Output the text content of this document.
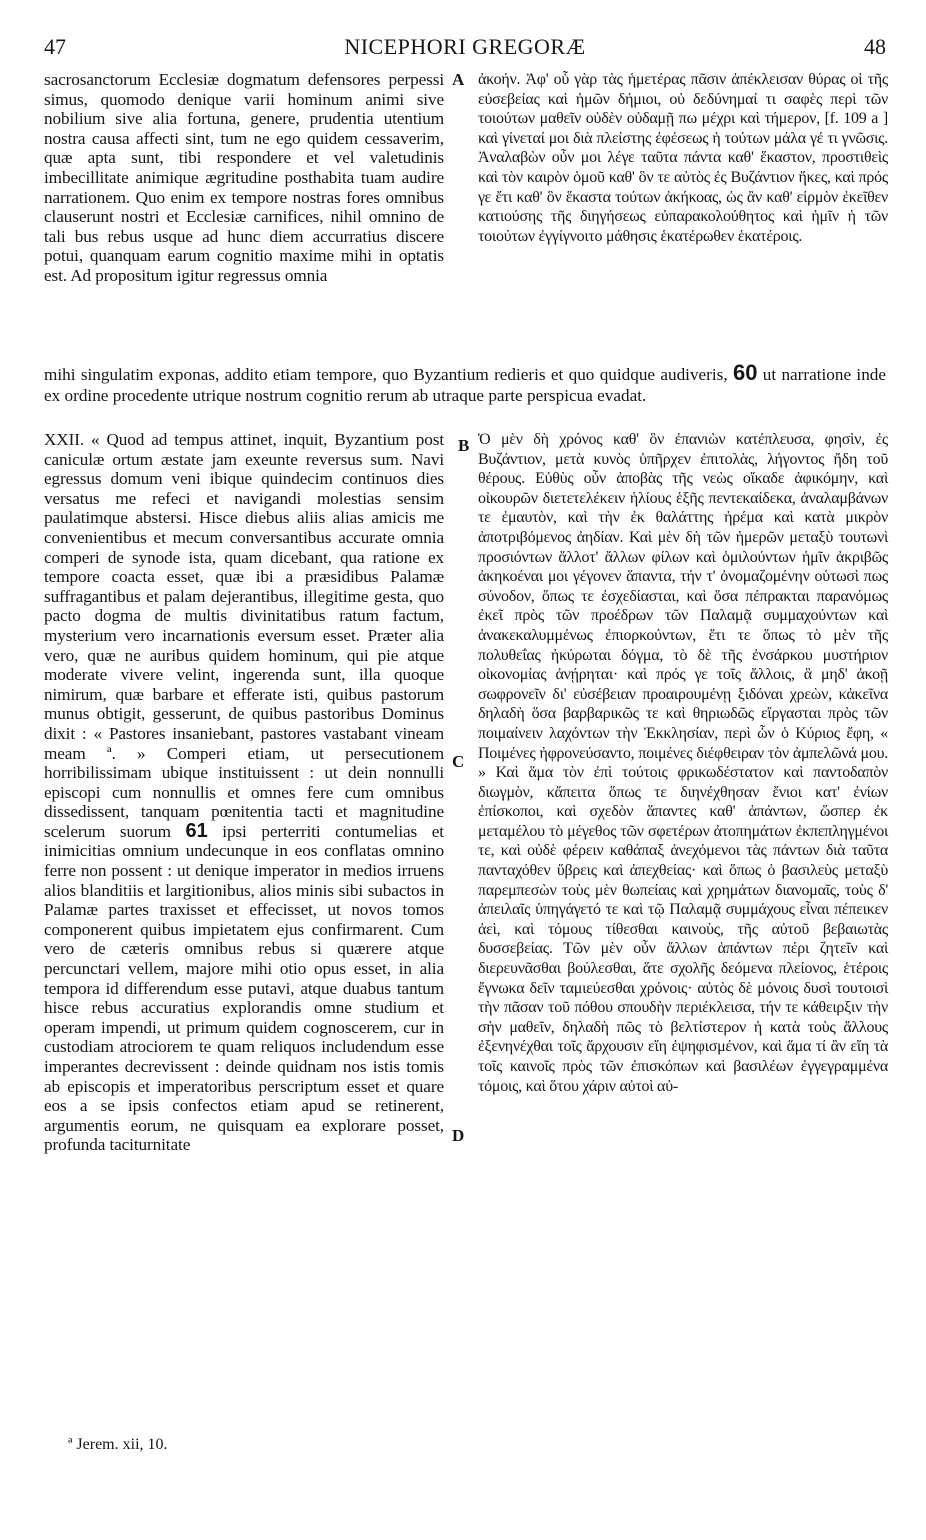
47	NICEPHORI GREGORÆ	48

sacrosanctorum Ecclesiæ dogmatum defensores perpessi simus, quomodo denique varii hominum animi sive nobilium sive alia fortuna, genere, prudentia utentium nostra causa affecti sint, tum ne ego quidem cessaverim, quæ apta sunt, tibi respondere et vel valetudinis imbecillitate animique ægritudine posthabita tuam audire narrationem. Quo enim ex tempore nostras fores omnibus clauserunt nostri et Ecclesiæ carnifices, nihil omnino de tali bus rebus usque ad hunc diem accurratius discere potui, quanquam earum cognitio maxime mihi in optatis est. Ad propositum igitur regressus omnia

A ἀκοήν. Ἀφ' οὗ γὰρ τὰς ἡμετέρας πᾶσιν ἀπέκλεισαν θύρας οἱ τῆς εὐσεβείας καὶ ἡμῶν δήμιοι, οὐ δεδύνημαί τι σαφὲς περὶ τῶν τοιούτων μαθεῖν οὐδὲν οὐδαμῇ πω μέχρι καὶ τήμερον, [f. 109 a ] καὶ γίνεταί μοι διὰ πλείστης ἐφέσεως ἡ τούτων μάλα γέ τι γνῶσις. Ἀναλαβὼν οὖν μοι λέγε ταῦτα πάντα καθ' ἕκαστον, προστιθεὶς καὶ τὸν καιρὸν ὁμοῦ καθ' ὃν τε αὐτὸς ἐς Βυζάντιον ἥκες, καὶ πρός γε ἔτι καθ' ὃν ἕκαστα τούτων ἀκήκοας, ὡς ἂν καθ' εἱρμὸν ἐκεῖθεν κατιούσης τῆς διηγήσεως εὐπαρακολούθητος καὶ ἡμῖν ἡ τῶν τοιούτων ἐγγίγνοιτο μάθησις ἑκατέρωθεν ἑκατέροις.

mihi singulatim exponas, addito etiam tempore, quo Byzantium redieris et quo quidque audiveris, 60 ut narratione inde ex ordine procedente utrique nostrum cognitio rerum ab utraque parte perspicua evadat.

XXII. « Quod ad tempus attinet, inquit, Byzantium post caniculæ ortum æstate jam exeunte reversus sum. Navi egressus domum veni ibique quindecim continuos dies versatus me refeci et navigandi molestias sensim paulatimque abstersi. Hisce diebus aliis alias amicis me convenientibus et mecum conversantibus accurate omnia comperi de synode ista, quam dicebant, qua ratione ex tempore coacta esset, quæ ibi a præsidibus Palamæ suffragantibus et palam dejerantibus, illegitime gesta, quo pacto dogma de multis divinitatibus ratum factum, mysterium vero incarnationis eversum esset. Præter alia vero, quæ ne auribus quidem hominum, qui pie atque moderate vivere velint, ingerenda sunt, illa quoque nimirum, quæ barbare et efferate isti, quibus pastorum munus obtigit, gesserunt, de quibus pastoribus Dominus dixit : « Pastores insaniebant, pastores vastabant vineam meam ª. » Comperi etiam, ut persecutionem horribilissimam ubique instituissent : ut dein nonnulli episcopi cum nonnullis et omnes fere cum omnibus dissedissent, tanquam pœnitentia tacti et magnitudine scelerum suorum 61 ipsi perterriti contumelias et inimicitias omnium undecunque in eos conflatas omnino ferre non possent : ut denique imperator in medios irruens alios blanditiis et largitionibus, alios minis sibi subactos in Palamæ partes traxisset et effecisset, ut novos tomos componerent quibus impietatem ejus confirmarent. Cum vero de cæteris omnibus rebus si quærere atque percunctari vellem, majore mihi otio opus esset, in alia tempora id differendum esse putavi, atque duabus tantum hisce rebus accuratius explorandis omne studium et operam impendi, ut primum quidem cognoscerem, cur in custodiam atrociorem te quam reliquos includendum esse imperantes decrevissent : deinde quidnam nos istis tomis ab episcopis et imperatoribus perscriptum esset et quare eos a se ipsis confectos etiam apud se retinerent, argumentis eorum, ne quisquam ea explorare posset, profunda taciturnitate

B
C
D

Ὁ μὲν δὴ χρόνος καθ' ὃν ἐπανιὼν κατέπλευσα, φησὶν, ἐς Βυζάντιον, μετὰ κυνὸς ὑπῆρχεν ἐπιτολὰς, λήγοντος ἤδη τοῦ θέρους. Εὐθὺς οὖν ἀποβὰς τῆς νεὼς οἴκαδε ἀφικόμην, καὶ οἰκουρῶν διετετελέκειν ἡλίους ἑξῆς πεντεκαίδεκα, ἀναλαμβάνων τε ἐμαυτὸν, καὶ τὴν ἐκ θαλάττης ἠρέμα καὶ κατὰ μικρὸν ἀποτριβόμενος ἀηδίαν. Καὶ μὲν δὴ τῶν ἡμερῶν μεταξὺ τουτωνὶ προσιόντων ἄλλοτ' ἄλλων φίλων καὶ ὁμιλούντων ἡμῖν ἀκριβῶς ἀκηκοέναι μοι γέγονεν ἅπαντα, τήν τ' ὀνομαζομένην οὑτωσὶ πως σύνοδον, ὅπως τε ἐσχεδίασται, καὶ ὅσα πέπρακται παρανόμως ἐκεῖ πρὸς τῶν προέδρων τῶν Παλαμᾷ συμμαχούντων καὶ ἀνακεκαλυμμένως ἐπιορκούντων, ἔτι τε ὅπως τὸ μὲν τῆς πολυθεΐας ἠκύρωται δόγμα, τὸ δὲ τῆς ἐνσάρκου μυστήριον οἰκονομίας ἀνῄρηται· καὶ πρός γε τοῖς ἄλλοις, ἃ μηδ' ἀκοῇ σωφρονεῖν δι' εὐσέβειαν προαιρουμένῃ ξιδόναι χρεὼν, κἀκεῖνα δηλαδὴ ὅσα βαρβαρικῶς τε καὶ θηριωδῶς εἴργασται πρὸς τῶν ποιμαίνειν λαχόντων τὴν Ἐκκλησίαν, περὶ ὧν ὁ Κύριος ἔφη, « Ποιμένες ἠφρονεύσαντο, ποιμένες διέφθειραν τὸν ἀμπελῶνά μου. » Καὶ ἅμα τὸν ἐπὶ τούτοις φρικωδέστατον καὶ παντοδαπὸν διωγμὸν, κἄπειτα ὅπως τε διηνέχθησαν ἔνιοι κατ' ἐνίων ἐπίσκοποι, καὶ σχεδὸν ἅπαντες καθ' ἁπάντων, ὥσπερ ἐκ μεταμέλου τὸ μέγεθος τῶν σφετέρων ἀτοπημάτων ἐκπεπληγμένοι τε, καὶ οὐδὲ φέρειν καθάπαξ ἀνεχόμενοι τὰς πάντων διὰ ταῦτα πανταχόθεν ὕβρεις καὶ ἀπεχθείας· καὶ ὅπως ὁ βασιλεὺς μεταξὺ παρεμπεσὼν τοὺς μὲν θωπείαις καὶ χρημάτων διανομαῖς, τοὺς δ' ἀπειλαῖς ὑπηγάγετό τε καὶ τῷ Παλαμᾷ συμμάχους εἶναι πέπεικεν ἀεὶ, καὶ τόμους τίθεσθαι καινοὺς, τῆς αὐτοῦ βεβαιωτὰς δυσσεβείας. Τῶν μὲν οὖν ἄλλων ἁπάντων πέρι ζητεῖν καὶ διερευνᾶσθαι βούλεσθαι, ἅτε σχολῆς δεόμενα πλείονος, ἑτέροις ἔγνωκα δεῖν ταμιεύεσθαι χρόνοις· αὐτὸς δὲ μόνοις δυσὶ τουτοισὶ τὴν πᾶσαν τοῦ πόθου σπουδὴν περιέκλεισα, τήν τε κάθειρξιν τὴν σὴν μαθεῖν, δηλαδὴ πῶς τὸ βελτίστερον ἡ κατὰ τοὺς ἄλλους ἐξενηνέχθαι τοῖς ἄρχουσιν εἴη ἐψηφισμένον, καὶ ἅμα τί ἂν εἴη τὰ τοῖς καινοῖς πρὸς τῶν ἐπισκόπων καὶ βασιλέων ἐγγεγραμμένα τόμοις, καὶ ὅτου χάριν αὐτοὶ αὐ-

ª Jerem. xii, 10.
